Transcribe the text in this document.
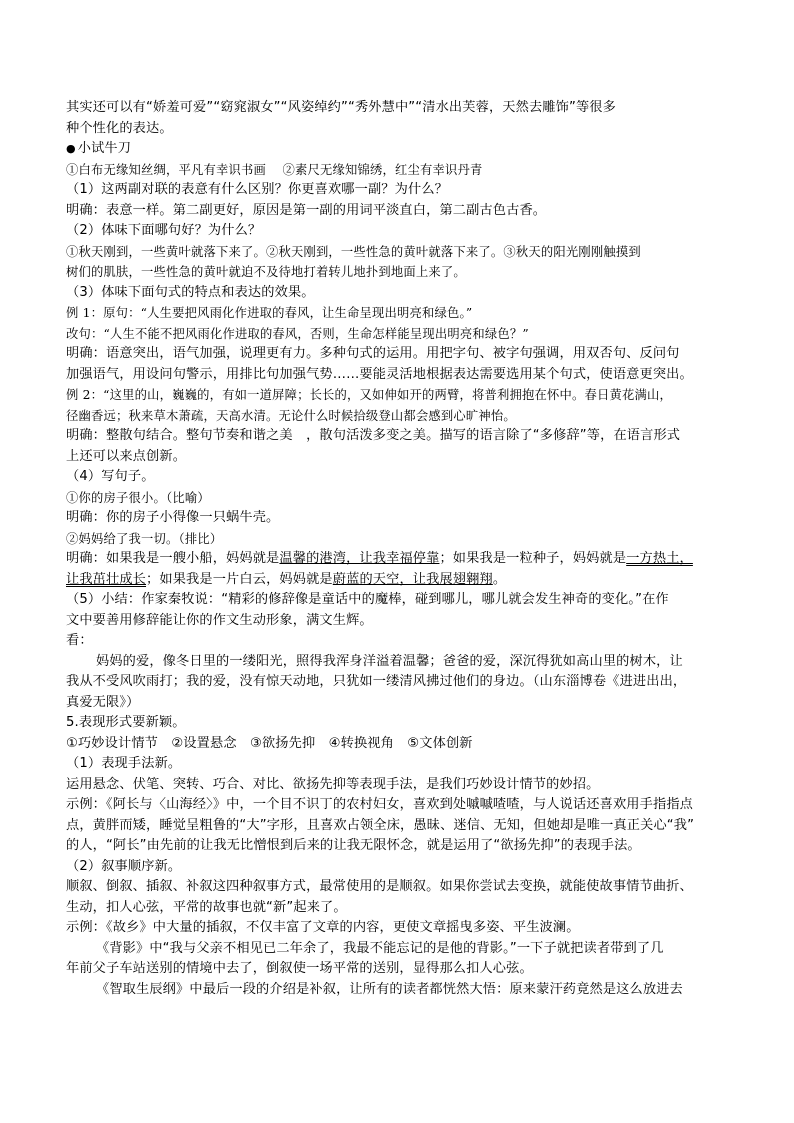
其实还可以有“娇羞可爱”“窈窕淑女”“风姿绰约”“秀外慧中”“清水出芙蓉，天然去雕饰”等很多
种个性化的表达。
● 小试牛刀
①白布无缘知丝绸，平凡有幸识书画　 ②素尺无缘知锦绣，红尘有幸识丹青
（1）这两副对联的表意有什么区别？你更喜欢哪一副？为什么？
明确：表意一样。第二副更好，原因是第一副的用词平淡直白，第二副古色古香。
（2）体味下面哪句好？为什么？
①秋天刚到，一些黄叶就落下来了。②秋天刚到，一些性急的黄叶就落下来了。③秋天的阳光刚刚触摸到
树们的肌肤，一些性急的黄叶就迫不及待地打着转儿地扑到地面上来了。
（3）体味下面句式的特点和表达的效果。
例 1：原句：“人生要把风雨化作进取的春风，让生命呈现出明亮和绿色。”
改句：“人生不能不把风雨化作进取的春风，否则，生命怎样能呈现出明亮和绿色？”
明确：语意突出，语气加强，说理更有力。多种句式的运用。用把字句、被字句强调，用双否句、反问句
加强语气，用设问句警示，用排比句加强气势……要能灵活地根据表达需要选用某个句式，使语意更突出。
例 2：“这里的山，巍巍的，有如一道屏障；长长的，又如伸如开的两臂，将普利拥抱在怀中。春日黄花满山，
径幽香远；秋来草木萧疏，天高水清。无论什么时候拾级登山都会感到心旷神怡。
明确：整散句结合。整句节奏和谐之美　，散句活泼多变之美。描写的语言除了“多修辞”等，在语言形式
上还可以来点创新。
（4）写句子。
①你的房子很小。（比喻）
明确：你的房子小得像一只蜗牛壳。
②妈妈给了我一切。（排比）
明确：如果我是一艘小船，妈妈就是温馨的港湾，让我幸福停靠；如果我是一粒种子，妈妈就是一方热土，
让我茁壮成长；如果我是一片白云，妈妈就是蔚蓝的天空，让我展翅翱翔。
（5）小结：作家秦牧说：“精彩的修辞像是童话中的魔棒，碰到哪儿，哪儿就会发生神奇的变化。”在作
文中要善用修辞能让你的作文生动形象，满文生辉。
看：
妈妈的爱，像冬日里的一缕阳光，照得我浑身洋溢着温馨；爸爸的爱，深沉得犹如高山里的树木，让
我从不受风吹雨打；我的爱，没有惊天动地，只犹如一缕清风拂过他们的身边。（山东淄博卷《进进出出，
真爱无限》）
5.表现形式要新颖。
①巧妙设计情节　②设置悬念　③欲扬先抑　④转换视角　⑤文体创新
（1）表现手法新。
运用悬念、伏笔、突转、巧合、对比、欲扬先抑等表现手法，是我们巧妙设计情节的妙招。
示例：《阿长与〈山海经〉》中，一个目不识丁的农村妇女，喜欢到处嘁嘁喳喳，与人说话还喜欢用手指指点
点，黄胖而矮，睡觉呈粗鲁的“大”字形，且喜欢占领全床，愚昧、迷信、无知，但她却是唯一真正关心“我”
的人，“阿长”由先前的让我无比憎恨到后来的让我无限怀念，就是运用了“欲扬先抑”的表现手法。
（2）叙事顺序新。
顺叙、倒叙、插叙、补叙这四种叙事方式，最常使用的是顺叙。如果你尝试去变换，就能使故事情节曲折、
生动，扣人心弦，平常的故事也就“新”起来了。
示例：《故乡》中大量的插叙，不仅丰富了文章的内容，更使文章摇曳多姿、平生波澜。
《背影》中“我与父亲不相见已二年余了，我最不能忘记的是他的背影。”一下子就把读者带到了几
年前父子车站送别的情境中去了，倒叙使一场平常的送别，显得那么扣人心弦。
《智取生辰纲》中最后一段的介绍是补叙，让所有的读者都恍然大悟：原来蒙汗药竟然是这么放进去
